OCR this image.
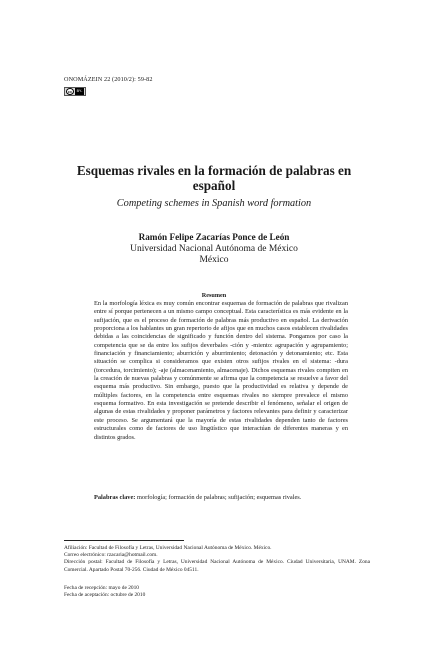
ONOMÁZEIN 22 (2010/2): 59-82
cc	BY-NC
Esquemas rivales en la formación de palabras en español
Competing schemes in Spanish word formation
Ramón Felipe Zacarías Ponce de León
Universidad Nacional Autónoma de México
México
Resumen
En la morfología léxica es muy común encontrar esquemas de formación de palabras que rivalizan entre sí porque pertenecen a un mismo campo conceptual. Esta característica es más evidente en la sufijación, que es el proceso de formación de palabras más productivo en español. La derivación proporciona a los hablantes un gran repertorio de afijos que en muchos casos establecen rivalidades debidas a las coincidencias de significado y función dentro del sistema. Pongamos por caso la competencia que se da entre los sufijos deverbales -ción y -miento: agrupación y agrupamiento; financiación y financiamiento; aburrición y aburrimiento; detonación y detonamiento; etc. Esta situación se complica si consideramos que existen otros sufijos rivales en el sistema: -dura (torcedura, torcimiento); -aje (almacenamiento, almacenaje). Dichos esquemas rivales compiten en la creación de nuevas palabras y comúnmente se afirma que la competencia se resuelve a favor del esquema más productivo. Sin embargo, puesto que la productividad es relativa y depende de múltiples factores, en la competencia entre esquemas rivales no siempre prevalece el mismo esquema formativo. En esta investigación se pretende describir el fenómeno, señalar el origen de algunas de estas rivalidades y proponer parámetros y factores relevantes para definir y caracterizar este proceso. Se argumentará que la mayoría de estas rivalidades dependen tanto de factores estructurales como de factores de uso lingüístico que interactúan de diferentes maneras y en distintos grados.
Palabras clave: morfología; formación de palabras; sufijación; esquemas rivales.
Afiliación: Facultad de Filosofía y Letras, Universidad Nacional Autónoma de México. México.
Correo electrónico: rzacaria@hotmail.com.
Dirección postal: Facultad de Filosofía y Letras, Universidad Nacional Autónoma de México. Ciudad Universitaria, UNAM. Zona Comercial. Apartado Postal 70-256. Ciudad de México 04511.
Fecha de recepción: mayo de 2010
Fecha de aceptación: octubre de 2010
